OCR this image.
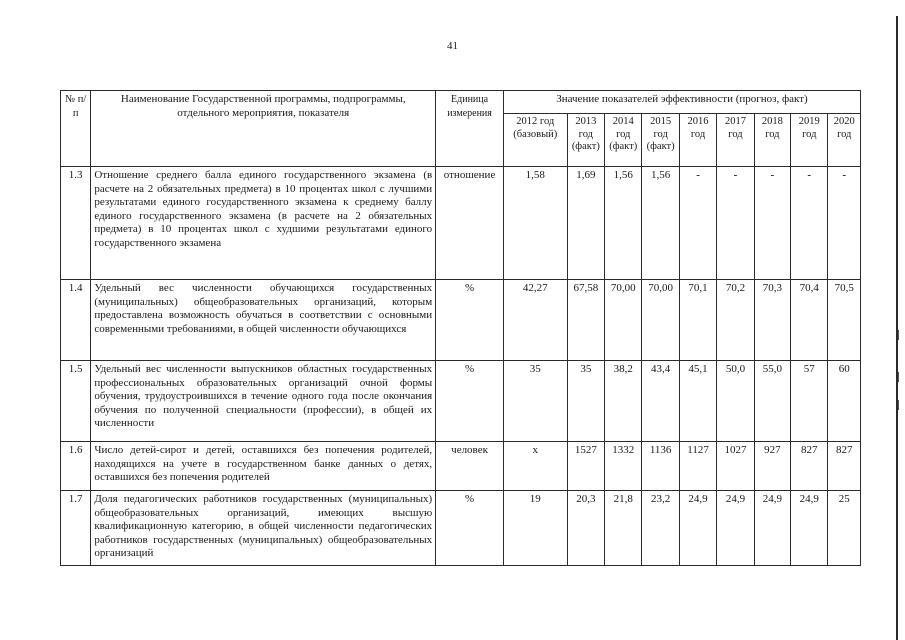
41
№ п/п	Наименование Государственной программы, подпрограммы, отдельного мероприятия, показателя	Единица измерения	Значение показателей эффективности (прогноз, факт)								
			2012 год (базовый)	2013 год (факт)	2014 год (факт)	2015 год (факт)	2016 год	2017 год	2018 год	2019 год	2020 год
1.3	Отношение среднего балла единого государственного экзамена (в расчете на 2 обязательных предмета) в 10 процентах школ с лучшими результатами единого государственного экзамена к среднему баллу единого государственного экзамена (в расчете на 2 обязательных предмета) в 10 процентах школ с худшими результатами единого государственного экзамена	отношение	1,58	1,69	1,56	1,56	-	-	-	-	-
1.4	Удельный вес численности обучающихся государственных (муниципальных) общеобразовательных организаций, которым предоставлена возможность обучаться в соответствии с основными современными требованиями, в общей численности обучающихся	%	42,27	67,58	70,00	70,00	70,1	70,2	70,3	70,4	70,5
1.5	Удельный вес численности выпускников областных государственных профессиональных образовательных организаций очной формы обучения, трудоустроившихся в течение одного года после окончания обучения по полученной специальности (профессии), в общей их численности	%	35	35	38,2	43,4	45,1	50,0	55,0	57	60
1.6	Число детей-сирот и детей, оставшихся без попечения родителей, находящихся на учете в государственном банке данных о детях, оставшихся без попечения родителей	человек	х	1527	1332	1136	1127	1027	927	827	827
1.7	Доля педагогических работников государственных (муниципальных) общеобразовательных организаций, имеющих высшую квалификационную категорию, в общей численности педагогических работников государственных (муниципальных) общеобразовательных организаций	%	19	20,3	21,8	23,2	24,9	24,9	24,9	24,9	25
